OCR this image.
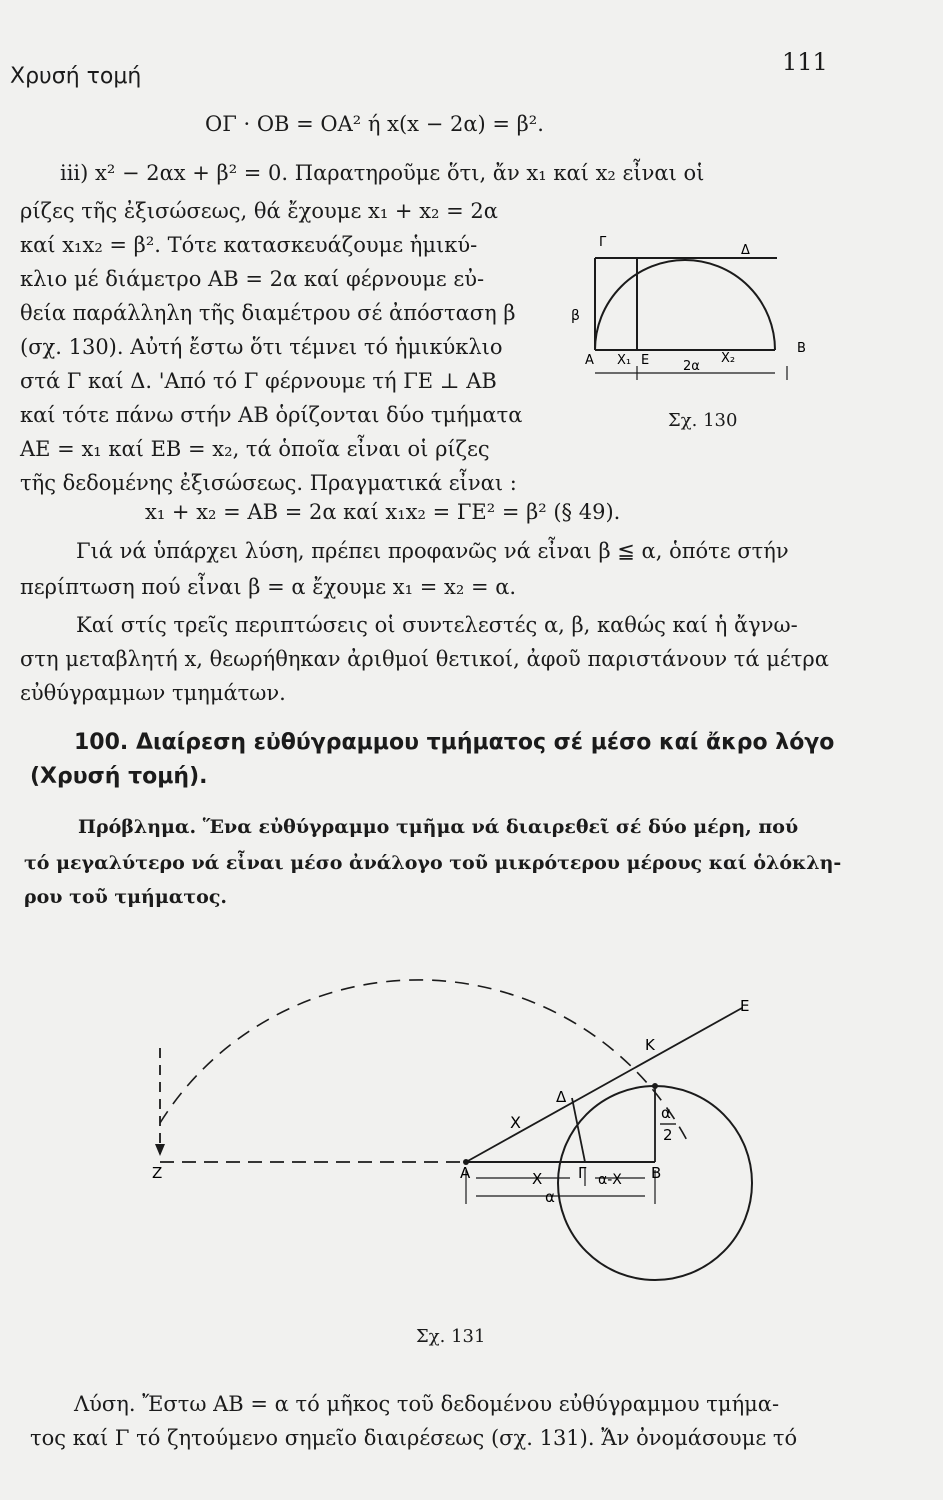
Χρυσή τομή
111
ΟΓ · ΟΒ = ΟΑ² ή x(x − 2α) = β².
iii) x² − 2αx + β² = 0. Παρατηροῦμε ὅτι, ἄν x₁ καί x₂ εἶναι οἱ
ρίζες τῆς ἐξισώσεως, θά ἔχουμε x₁ + x₂ = 2α
καί x₁x₂ = β². Τότε κατασκευάζουμε ἡμικύ-
κλιο μέ διάμετρο ΑΒ = 2α καί φέρνουμε εὐ-
θεία παράλληλη τῆς διαμέτρου σέ ἀπόσταση β
(σχ. 130). Αὐτή ἔστω ὅτι τέμνει τό ἡμικύκλιο
στά Γ καί Δ. 'Από τό Γ φέρνουμε τή ΓΕ ⊥ ΑΒ
καί τότε πάνω στήν ΑΒ ὁρίζονται δύο τμήματα
ΑΕ = x₁ καί ΕΒ = x₂, τά ὁποῖα εἶναι οἱ ρίζες
τῆς δεδομένης ἐξισώσεως. Πραγματικά εἶναι :
x₁ + x₂ = ΑΒ = 2α καί x₁x₂ = ΓΕ² = β² (§ 49).
Γιά νά ὑπάρχει λύση, πρέπει προφανῶς νά εἶναι β ≦ α, ὁπότε στήν
περίπτωση πού εἶναι β = α ἔχουμε x₁ = x₂ = α.
Καί στίς τρεῖς περιπτώσεις οἱ συντελεστές α, β, καθώς καί ἡ ἄγνω-
στη μεταβλητή x, θεωρήθηκαν ἀριθμοί θετικοί, ἀφοῦ παριστάνουν τά μέτρα
εὐθύγραμμων τμημάτων.
100. Διαίρεση εὐθύγραμμου τμήματος σέ μέσο καί ἄκρο λόγο
(Χρυσή τομή).
Πρόβλημα. Ἕνα εὐθύγραμμο τμῆμα νά διαιρεθεῖ σέ δύο μέρη, πού
τό μεγαλύτερο νά εἶναι μέσο ἀνάλογο τοῦ μικρότερου μέρους καί ὁλόκλη-
ρου τοῦ τμήματος.
Γ
Δ
β
Α X₁ Ε	X₂
2α
Β
Σχ. 130
Ζ	Α	Γ	Β
Κ
Δ
Ε
Χ
Χ	α-Χ
α
α
2
Σχ. 131
Λύση. Ἔστω ΑΒ = α τό μῆκος τοῦ δεδομένου εὐθύγραμμου τμήμα-
τος καί Γ τό ζητούμενο σημεῖο διαιρέσεως (σχ. 131). Ἄν ὀνομάσουμε τό
